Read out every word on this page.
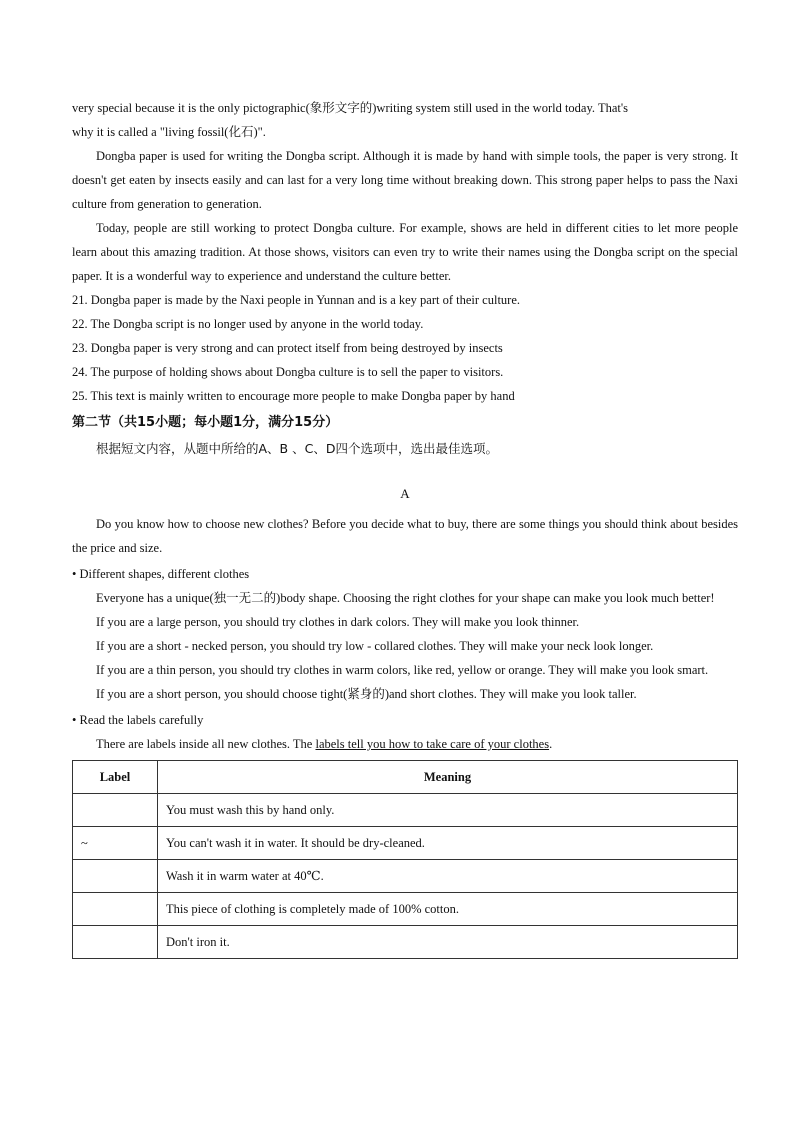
very special because it is the only pictographic(象形文字的)writing system still used in the world today. That's
why it is called a "living fossil(化石)".

Dongba paper is used for writing the Dongba script. Although it is made by hand with simple tools, the paper is very strong. It doesn't get eaten by insects easily and can last for a very long time without breaking down. This strong paper helps to pass the Naxi culture from generation to generation.

Today, people are still working to protect Dongba culture. For example, shows are held in different cities to let more people learn about this amazing tradition. At those shows, visitors can even try to write their names using the Dongba script on the special paper. It is a wonderful way to experience and understand the culture better.

21. Dongba paper is made by the Naxi people in Yunnan and is a key part of their culture.
22. The Dongba script is no longer used by anyone in the world today.
23. Dongba paper is very strong and can protect itself from being destroyed by insects
24. The purpose of holding shows about Dongba culture is to sell the paper to visitors.
25. This text is mainly written to encourage more people to make Dongba paper by hand
第二节（共15小题；每小题1分，满分15分）
根据短文内容，从题中所给的A、B 、C、D四个选项中，选出最佳选项。
A

Do you know how to choose new clothes? Before you decide what to buy, there are some things you should think about besides the price and size.

• Different shapes, different clothes

Everyone has a unique(独一无二的)body shape. Choosing the right clothes for your shape can make you look much better!

If you are a large person, you should try clothes in dark colors. They will make you look thinner.

If you are a short - necked person, you should try low - collared clothes. They will make your neck look longer.

If you are a thin person, you should try clothes in warm colors, like red, yellow or orange. They will make you look smart.

If you are a short person, you should choose tight(紧身的)and short clothes. They will make you look taller.

• Read the labels carefully

There are labels inside all new clothes. The labels tell you how to take care of your clothes.

Label	Meaning
	You must wash this by hand only.
~	You can't wash it in water. It should be dry-cleaned.
	Wash it in warm water at 40℃.
	This piece of clothing is completely made of 100% cotton.
	Don't iron it.
